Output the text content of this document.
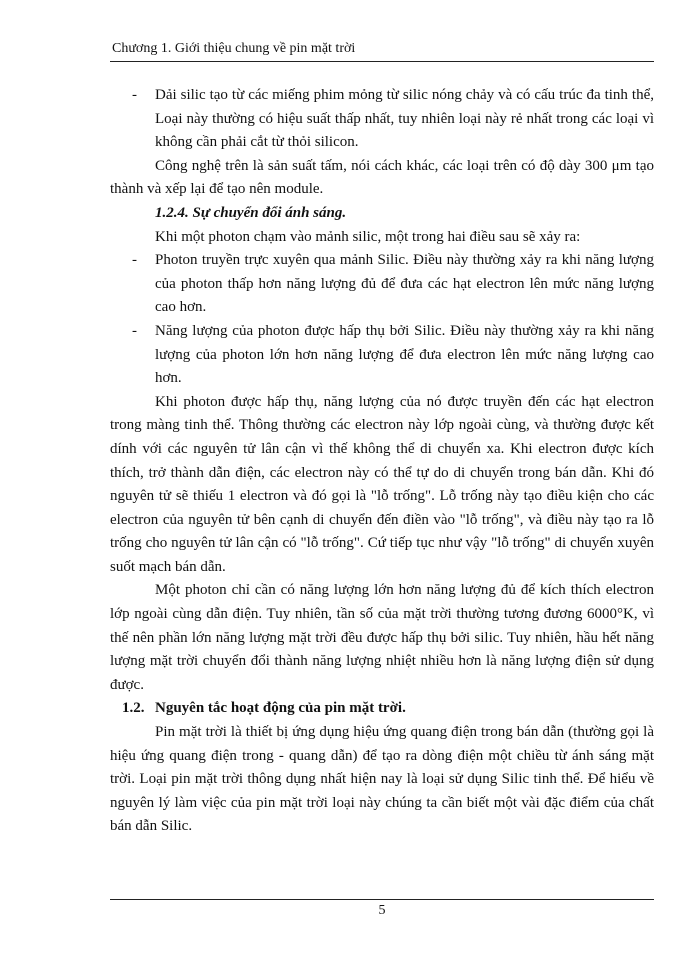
Chương 1. Giới thiệu chung về pin mặt trời

- Dải silic tạo từ các miếng phim mỏng từ silic nóng chảy và có cấu trúc đa tinh thể, Loại này thường có hiệu suất thấp nhất, tuy nhiên loại này rẻ nhất trong các loại vì không cần phải cắt từ thỏi silicon.

Công nghệ trên là sản suất tấm, nói cách khác, các loại trên có độ dày 300 μm tạo thành và xếp lại để tạo nên module.

1.2.4. Sự chuyển đổi ánh sáng.

Khi một photon chạm vào mảnh silic, một trong hai điều sau sẽ xảy ra:

- Photon truyền trực xuyên qua mảnh Silic. Điều này thường xảy ra khi năng lượng của photon thấp hơn năng lượng đủ để đưa các hạt electron lên mức năng lượng cao hơn.

- Năng lượng của photon được hấp thụ bởi Silic. Điều này thường xảy ra khi năng lượng của photon lớn hơn năng lượng để đưa electron lên mức năng lượng cao hơn.

Khi photon được hấp thụ, năng lượng của nó được truyền đến các hạt electron trong màng tinh thể. Thông thường các electron này lớp ngoài cùng, và thường được kết dính với các nguyên tử lân cận vì thế không thể di chuyển xa. Khi electron được kích thích, trở thành dẫn điện, các electron này có thể tự do di chuyển trong bán dẫn. Khi đó nguyên tử sẽ thiếu 1 electron và đó gọi là "lỗ trống". Lỗ trống này tạo điều kiện cho các electron của nguyên tử bên cạnh di chuyển đến điền vào "lỗ trống", và điều này tạo ra lỗ trống cho nguyên tử lân cận có "lỗ trống". Cứ tiếp tục như vậy "lỗ trống" di chuyển xuyên suốt mạch bán dẫn.

Một photon chỉ cần có năng lượng lớn hơn năng lượng đủ để kích thích electron lớp ngoài cùng dẫn điện. Tuy nhiên, tần số của mặt trời thường tương đương 6000°K, vì thế nên phần lớn năng lượng mặt trời đều được hấp thụ bởi silic. Tuy nhiên, hầu hết năng lượng mặt trời chuyển đổi thành năng lượng nhiệt nhiều hơn là năng lượng điện sử dụng được.

1.2. Nguyên tắc hoạt động của pin mặt trời.

Pin mặt trời là thiết bị ứng dụng hiệu ứng quang điện trong bán dẫn (thường gọi là hiệu ứng quang điện trong - quang dẫn) để tạo ra dòng điện một chiều từ ánh sáng mặt trời. Loại pin mặt trời thông dụng nhất hiện nay là loại sử dụng Silic tinh thể. Để hiểu về nguyên lý làm việc của pin mặt trời loại này chúng ta cần biết một vài đặc điểm của chất bán dẫn Silic.

5
